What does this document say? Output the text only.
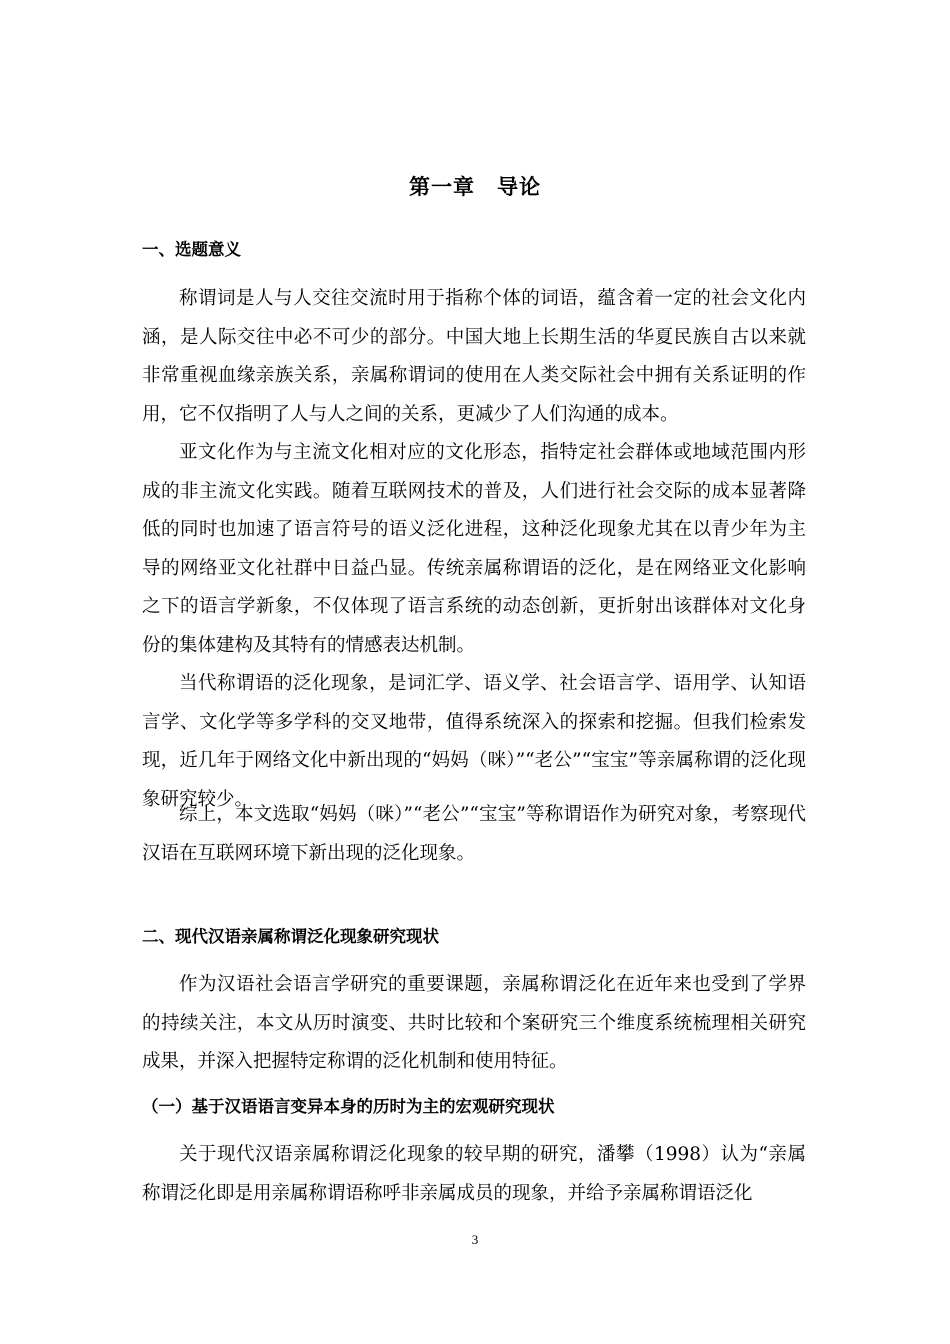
第一章　导论
一、选题意义

称谓词是人与人交往交流时用于指称个体的词语，蕴含着一定的社会文化内涵，是人际交往中必不可少的部分。中国大地上长期生活的华夏民族自古以来就非常重视血缘亲族关系，亲属称谓词的使用在人类交际社会中拥有关系证明的作用，它不仅指明了人与人之间的关系，更减少了人们沟通的成本。

亚文化作为与主流文化相对应的文化形态，指特定社会群体或地域范围内形成的非主流文化实践。随着互联网技术的普及，人们进行社会交际的成本显著降低的同时也加速了语言符号的语义泛化进程，这种泛化现象尤其在以青少年为主导的网络亚文化社群中日益凸显。传统亲属称谓语的泛化，是在网络亚文化影响之下的语言学新象，不仅体现了语言系统的动态创新，更折射出该群体对文化身份的集体建构及其特有的情感表达机制。

当代称谓语的泛化现象，是词汇学、语义学、社会语言学、语用学、认知语言学、文化学等多学科的交叉地带，值得系统深入的探索和挖掘。但我们检索发现，近几年于网络文化中新出现的“妈妈（咪）”“老公”“宝宝”等亲属称谓的泛化现象研究较少。

综上，本文选取“妈妈（咪）”“老公”“宝宝”等称谓语作为研究对象，考察现代汉语在互联网环境下新出现的泛化现象。

二、现代汉语亲属称谓泛化现象研究现状

作为汉语社会语言学研究的重要课题，亲属称谓泛化在近年来也受到了学界的持续关注，本文从历时演变、共时比较和个案研究三个维度系统梳理相关研究成果，并深入把握特定称谓的泛化机制和使用特征。

（一）基于汉语语言变异本身的历时为主的宏观研究现状

关于现代汉语亲属称谓泛化现象的较早期的研究，潘攀（1998）认为“亲属称谓泛化即是用亲属称谓语称呼非亲属成员的现象，并给予亲属称谓语泛化

3
